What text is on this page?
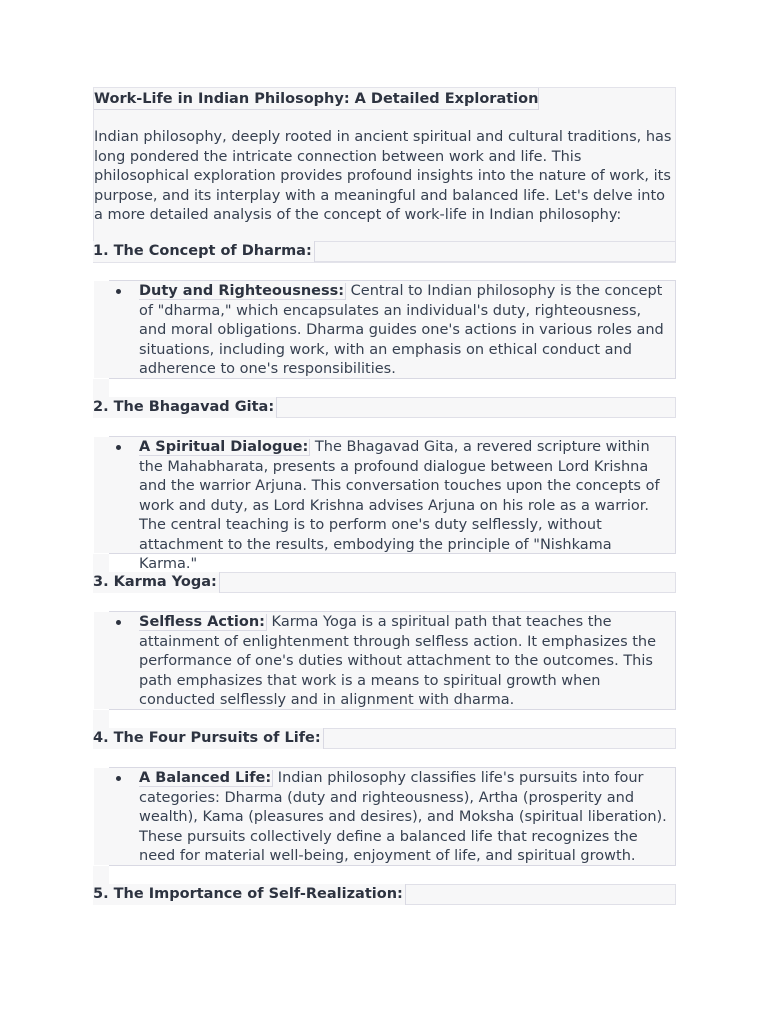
Work-Life in Indian Philosophy: A Detailed Exploration

Indian philosophy, deeply rooted in ancient spiritual and cultural traditions, has long pondered the intricate connection between work and life. This philosophical exploration provides profound insights into the nature of work, its purpose, and its interplay with a meaningful and balanced life. Let's delve into a more detailed analysis of the concept of work-life in Indian philosophy:

1. The Concept of Dharma:
Duty and Righteousness: Central to Indian philosophy is the concept of "dharma," which encapsulates an individual's duty, righteousness, and moral obligations. Dharma guides one's actions in various roles and situations, including work, with an emphasis on ethical conduct and adherence to one's responsibilities.
2. The Bhagavad Gita:
A Spiritual Dialogue: The Bhagavad Gita, a revered scripture within the Mahabharata, presents a profound dialogue between Lord Krishna and the warrior Arjuna. This conversation touches upon the concepts of work and duty, as Lord Krishna advises Arjuna on his role as a warrior. The central teaching is to perform one's duty selflessly, without attachment to the results, embodying the principle of "Nishkama Karma."
3. Karma Yoga:
Selfless Action: Karma Yoga is a spiritual path that teaches the attainment of enlightenment through selfless action. It emphasizes the performance of one's duties without attachment to the outcomes. This path emphasizes that work is a means to spiritual growth when conducted selflessly and in alignment with dharma.
4. The Four Pursuits of Life:
A Balanced Life: Indian philosophy classifies life's pursuits into four categories: Dharma (duty and righteousness), Artha (prosperity and wealth), Kama (pleasures and desires), and Moksha (spiritual liberation). These pursuits collectively define a balanced life that recognizes the need for material well-being, enjoyment of life, and spiritual growth.
5. The Importance of Self-Realization:
